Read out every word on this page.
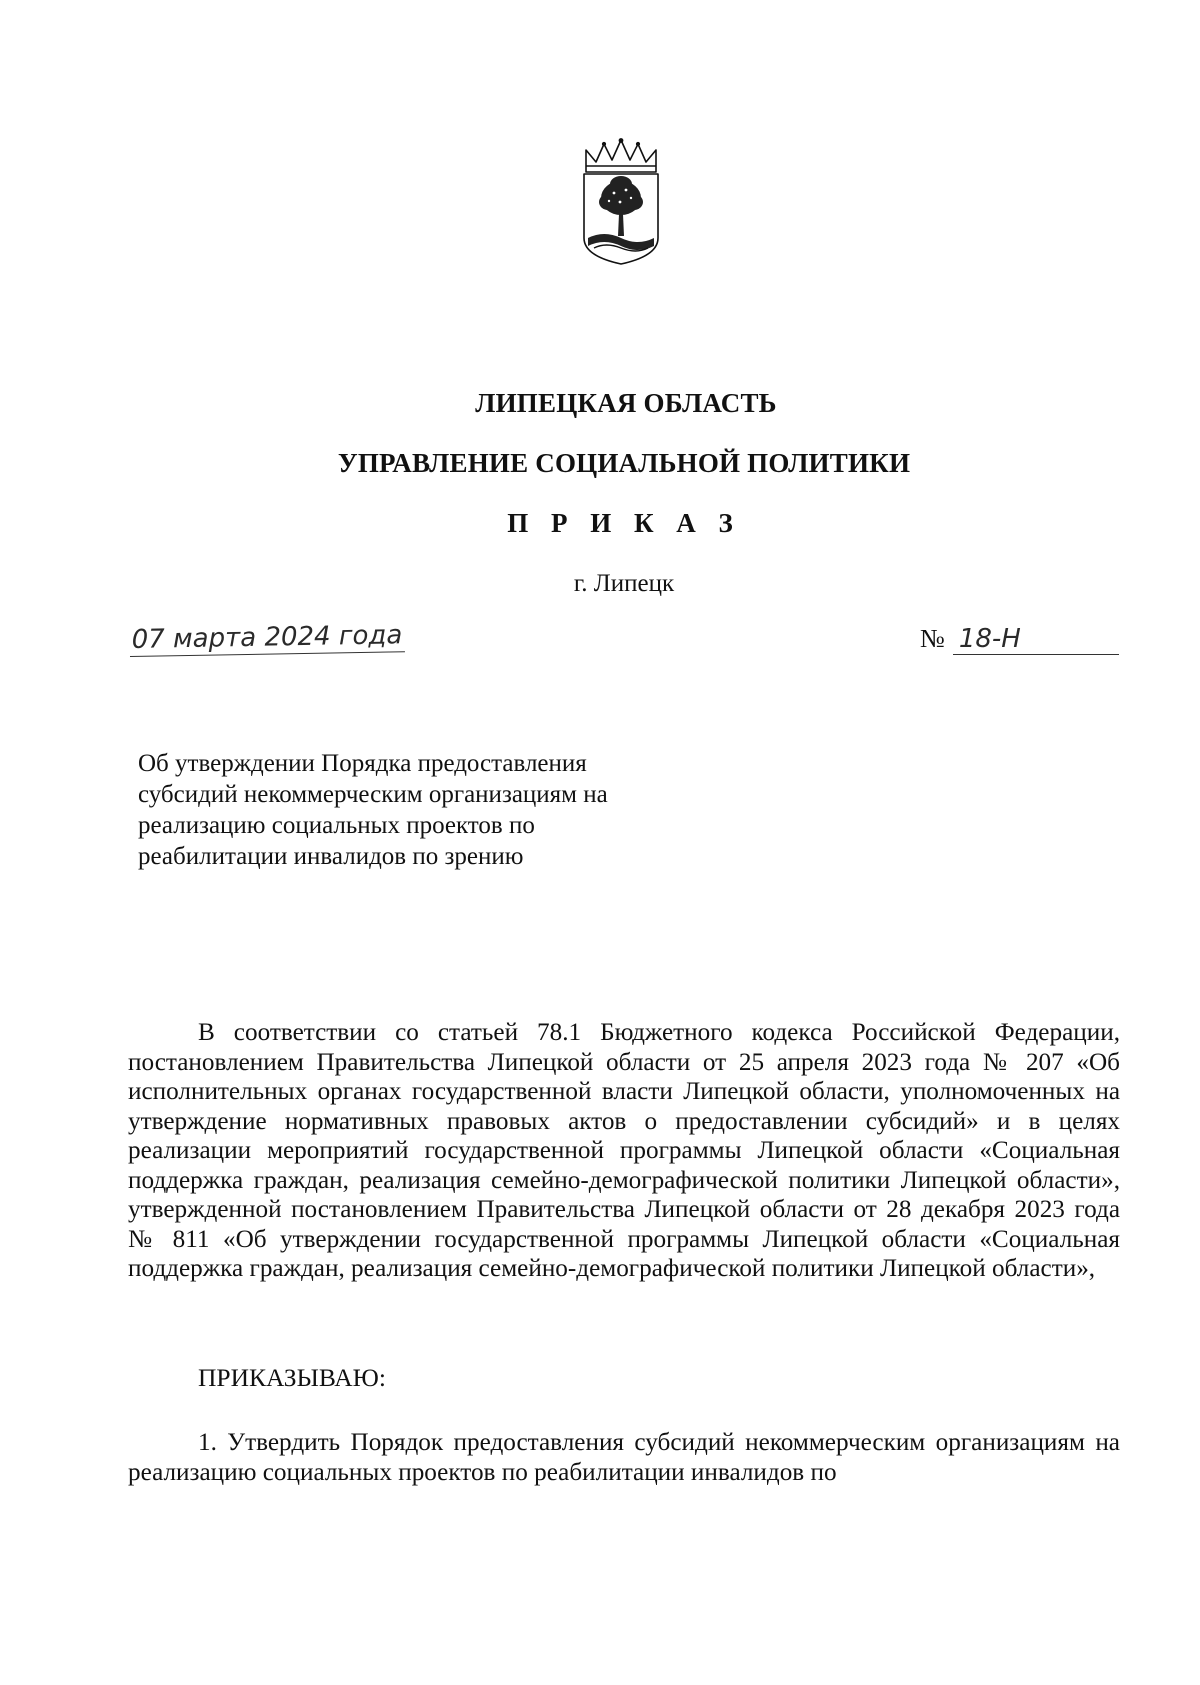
ЛИПЕЦКАЯ ОБЛАСТЬ
УПРАВЛЕНИЕ СОЦИАЛЬНОЙ ПОЛИТИКИ
П Р И К А З
г. Липецк
07 марта 2024 года	№ 18-Н
Об утверждении Порядка предоставления
субсидий некоммерческим организациям на
реализацию социальных проектов по
реабилитации инвалидов по зрению

В соответствии со статьей 78.1 Бюджетного кодекса Российской Федерации, постановлением Правительства Липецкой области от 25 апреля 2023 года № 207 «Об исполнительных органах государственной власти Липецкой области, уполномоченных на утверждение нормативных правовых актов о предоставлении субсидий» и в целях реализации мероприятий государственной программы Липецкой области «Социальная поддержка граждан, реализация семейно-демографической политики Липецкой области», утвержденной постановлением Правительства Липецкой области от 28 декабря 2023 года № 811 «Об утверждении государственной программы Липецкой области «Социальная поддержка граждан, реализация семейно-демографической политики Липецкой области»,

ПРИКАЗЫВАЮ:

1. Утвердить Порядок предоставления субсидий некоммерческим организациям на реализацию социальных проектов по реабилитации инвалидов по
